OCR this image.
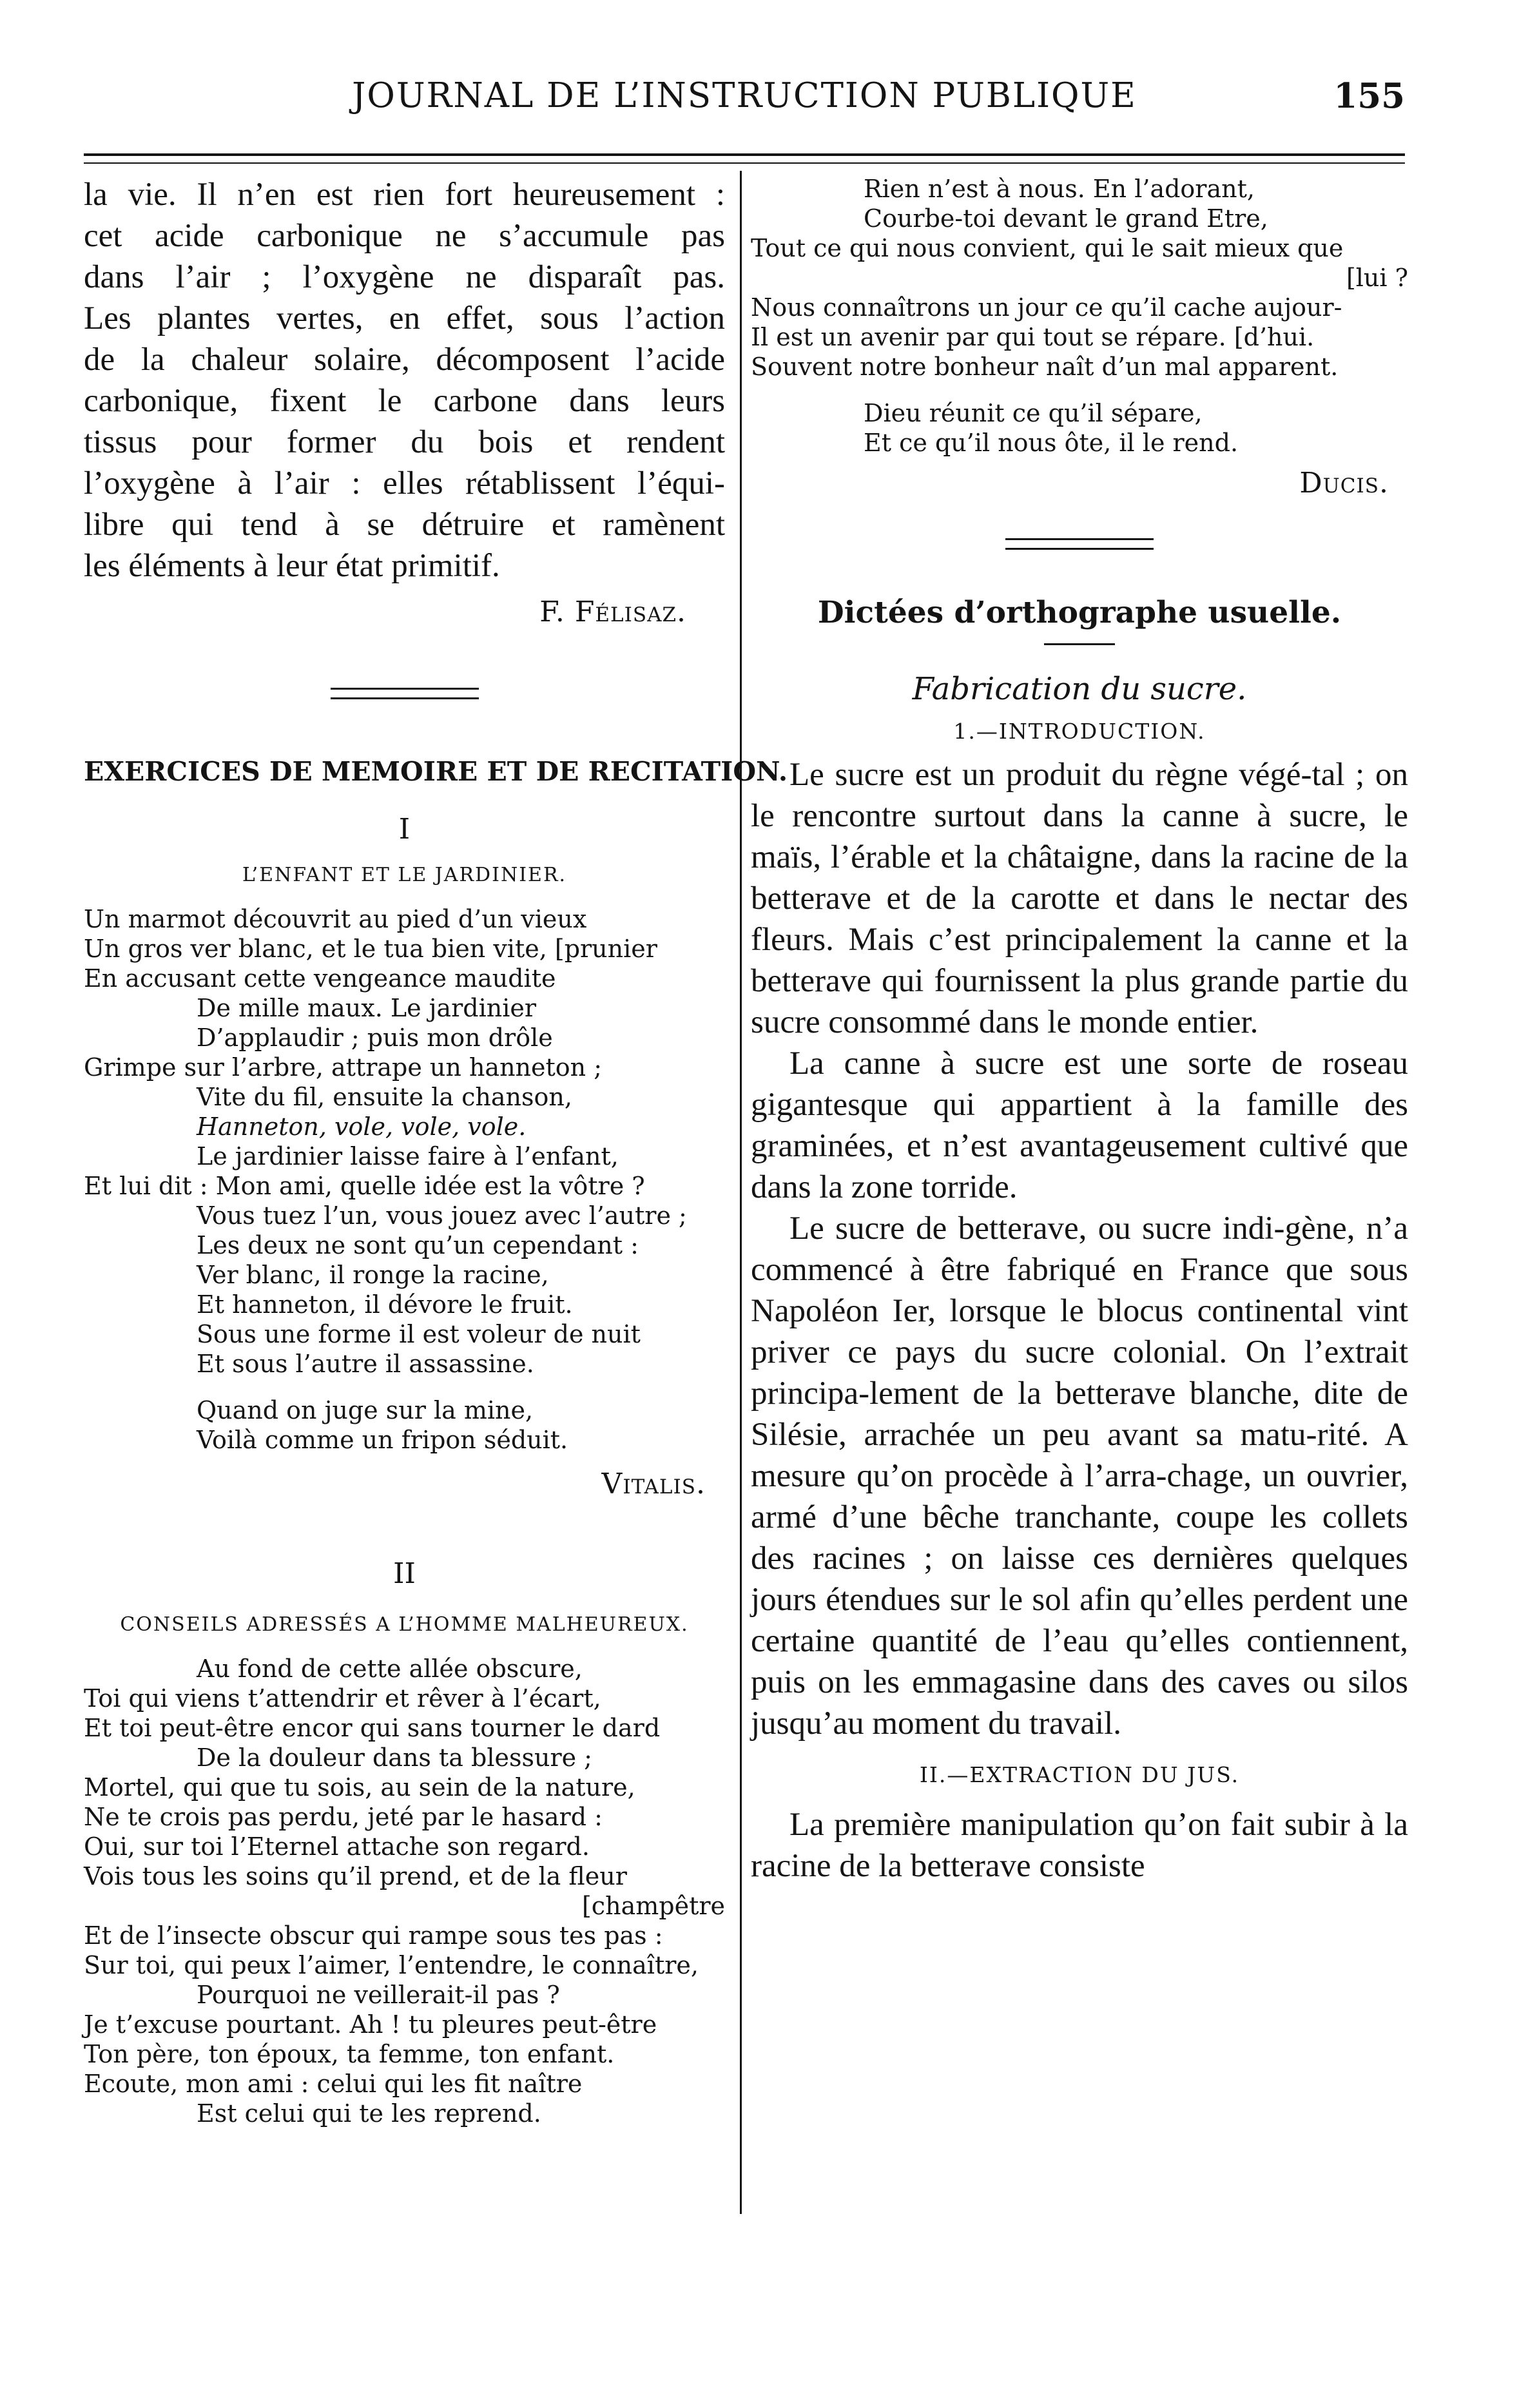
JOURNAL DE L’INSTRUCTION PUBLIQUE	155
la vie. Il n’en est rien fort heureusement :
cet acide carbonique ne s’accumule pas
dans l’air ; l’oxygène ne disparaît pas.
Les plantes vertes, en effet, sous l’action
de la chaleur solaire, décomposent l’acide
carbonique, fixent le carbone dans leurs
tissus pour former du bois et rendent
l’oxygène à l’air : elles rétablissent l’équi-
libre qui tend à se détruire et ramènent
les éléments à leur état primitif.
F. Félisaz.
EXERCICES DE MEMOIRE ET DE RECITATION.
I
L’ENFANT ET LE JARDINIER.
Un marmot découvrit au pied d’un vieux
Un gros ver blanc, et le tua bien vite, [prunier
En accusant cette vengeance maudite
De mille maux. Le jardinier
D’applaudir ; puis mon drôle
Grimpe sur l’arbre, attrape un hanneton ;
Vite du fil, ensuite la chanson,
Hanneton, vole, vole, vole.
Le jardinier laisse faire à l’enfant,
Et lui dit : Mon ami, quelle idée est la vôtre ?
Vous tuez l’un, vous jouez avec l’autre ;
Les deux ne sont qu’un cependant :
Ver blanc, il ronge la racine,
Et hanneton, il dévore le fruit.
Sous une forme il est voleur de nuit
Et sous l’autre il assassine.
Quand on juge sur la mine,
Voilà comme un fripon séduit.
Vitalis.
II
CONSEILS ADRESSÉS A L’HOMME MALHEUREUX.
Au fond de cette allée obscure,
Toi qui viens t’attendrir et rêver à l’écart,
Et toi peut-être encor qui sans tourner le dard
De la douleur dans ta blessure ;
Mortel, qui que tu sois, au sein de la nature,
Ne te crois pas perdu, jeté par le hasard :
Oui, sur toi l’Eternel attache son regard.
Vois tous les soins qu’il prend, et de la fleur
[champêtre
Et de l’insecte obscur qui rampe sous tes pas :
Sur toi, qui peux l’aimer, l’entendre, le connaître,
Pourquoi ne veillerait-il pas ?
Je t’excuse pourtant. Ah ! tu pleures peut-être
Ton père, ton époux, ta femme, ton enfant.
Ecoute, mon ami : celui qui les fit naître
Est celui qui te les reprend.
Rien n’est à nous. En l’adorant,
Courbe-toi devant le grand Etre,
Tout ce qui nous convient, qui le sait mieux que
[lui ?
Nous connaîtrons un jour ce qu’il cache aujour-
Il est un avenir par qui tout se répare. [d’hui.
Souvent notre bonheur naît d’un mal apparent.
Dieu réunit ce qu’il sépare,
Et ce qu’il nous ôte, il le rend.
Ducis.
Dictées d’orthographe usuelle.
Fabrication du sucre.
1.—INTRODUCTION.

Le sucre est un produit du règne végé-tal ; on le rencontre surtout dans la canne à sucre, le maïs, l’érable et la châtaigne, dans la racine de la betterave et de la carotte et dans le nectar des fleurs. Mais c’est principalement la canne et la betterave qui fournissent la plus grande partie du sucre consommé dans le monde entier.

La canne à sucre est une sorte de roseau gigantesque qui appartient à la famille des graminées, et n’est avantageusement cultivé que dans la zone torride.

Le sucre de betterave, ou sucre indi-gène, n’a commencé à être fabriqué en France que sous Napoléon Ier, lorsque le blocus continental vint priver ce pays du sucre colonial. On l’extrait principa-lement de la betterave blanche, dite de Silésie, arrachée un peu avant sa matu-rité. A mesure qu’on procède à l’arra-chage, un ouvrier, armé d’une bêche tranchante, coupe les collets des racines ; on laisse ces dernières quelques jours étendues sur le sol afin qu’elles perdent une certaine quantité de l’eau qu’elles contiennent, puis on les emmagasine dans des caves ou silos jusqu’au moment du travail.

II.—EXTRACTION DU JUS.

La première manipulation qu’on fait subir à la racine de la betterave consiste
